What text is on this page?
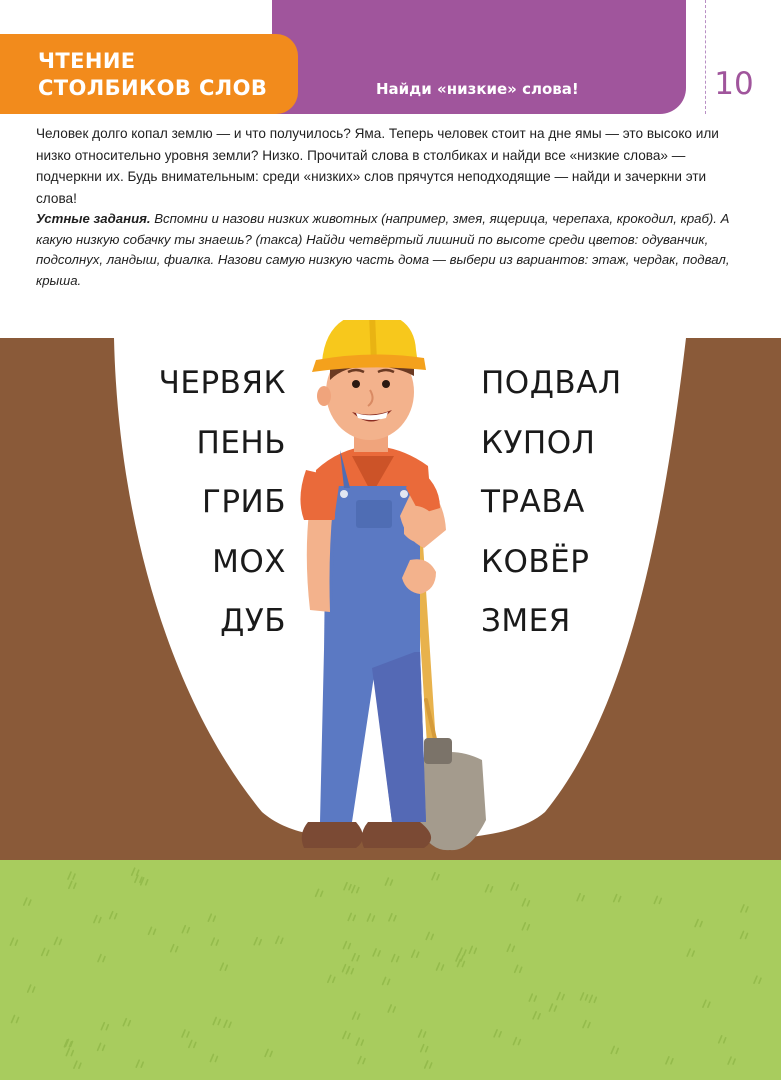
ЧТЕНИЕ СТОЛБИКОВ СЛОВ	Найди «низкие» слова!	10

Человек долго копал землю — и что получилось? Яма. Теперь человек стоит на дне ямы — это высоко или низко относительно уровня земли? Низко. Прочитай слова в столбиках и найди все «низкие слова» — подчеркни их. Будь внимательным: среди «низких» слов прячутся неподходящие — найди и зачеркни эти слова!

Устные задания. Вспомни и назови низких животных (например, змея, ящерица, черепаха, крокодил, краб). А какую низкую собачку ты знаешь? (такса) Найди четвёртый лишний по высоте среди цветов: одуванчик, подсолнух, ландыш, фиалка. Назови самую низкую часть дома — выбери из вариантов: этаж, чердак, подвал, крыша.

ЧЕРВЯК
ПЕНЬ
ГРИБ
МОХ
ДУБ
ПОДВАЛ
КУПОЛ
ТРАВА
КОВЁР
ЗМЕЯ
